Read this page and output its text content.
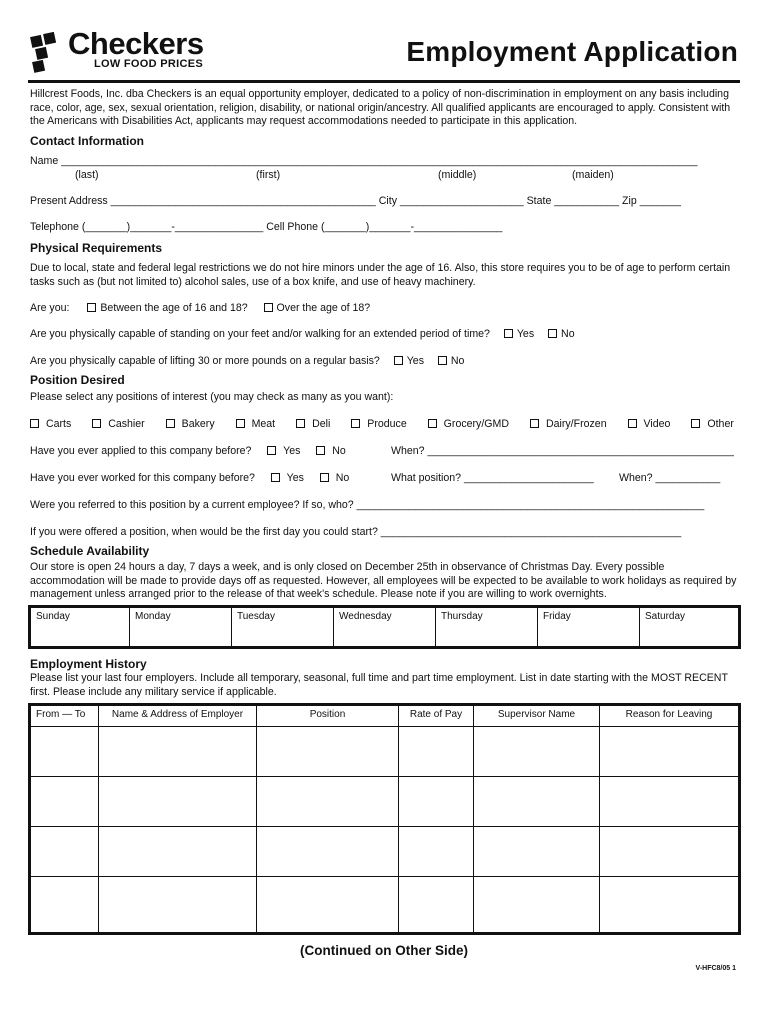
Checkers
LOW FOOD PRICES	Employment Application
Hillcrest Foods, Inc. dba Checkers is an equal opportunity employer, dedicated to a policy of non-discrimination in employment on any basis including race, color, age, sex, sexual orientation, religion, disability, or national origin/ancestry. All qualified applicants are encouraged to apply. Consistent with the Americans with Disabilities Act, applicants may request accommodations needed to participate in this application.
Contact Information
Name ____________________________________________________________________________________________________________
(last)	(first)	(middle)	(maiden)
Present Address _____________________________________________ City _____________________ State ___________ Zip _______
Telephone (_______)_______-_______________ Cell Phone (_______)_______-_______________
Physical Requirements
Due to local, state and federal legal restrictions we do not hire minors under the age of 16. Also, this store requires you to be of age to perform certain tasks such as (but not limited to) alcohol sales, use of a box knife, and use of heavy machinery.
Are you:	Between the age of 16 and 18?	Over the age of 18?
Are you physically capable of standing on your feet and/or walking for an extended period of time?	Yes	No
Are you physically capable of lifting 30 or more pounds on a regular basis?	Yes	No
Position Desired
Please select any positions of interest (you may check as many as you want):
Carts	Cashier	Bakery	Meat	Deli	Produce	Grocery/GMD	Dairy/Frozen	Video	Other
Have you ever applied to this company before?	Yes	No	When? ____________________________________________________
Have you ever worked for this company before?	Yes	No	What position? ______________________ When? ___________
Were you referred to this position by a current employee? If so, who? ___________________________________________________________
If you were offered a position, when would be the first day you could start? ___________________________________________________
Schedule Availability
Our store is open 24 hours a day, 7 days a week, and is only closed on December 25th in observance of Christmas Day. Every possible accommodation will be made to provide days off as requested. However, all employees will be expected to be available to work holidays as required by management unless arranged prior to the release of that week's schedule. Please note if you are willing to work overnights.
Sunday	Monday	Tuesday	Wednesday	Thursday	Friday	Saturday
Employment History
Please list your last four employers. Include all temporary, seasonal, full time and part time employment. List in date starting with the MOST RECENT first. Please include any military service if applicable.
From — To	Name & Address of Employer	Position	Rate of Pay	Supervisor Name	Reason for Leaving

(Continued on Other Side)
V-HFC8/05 1
